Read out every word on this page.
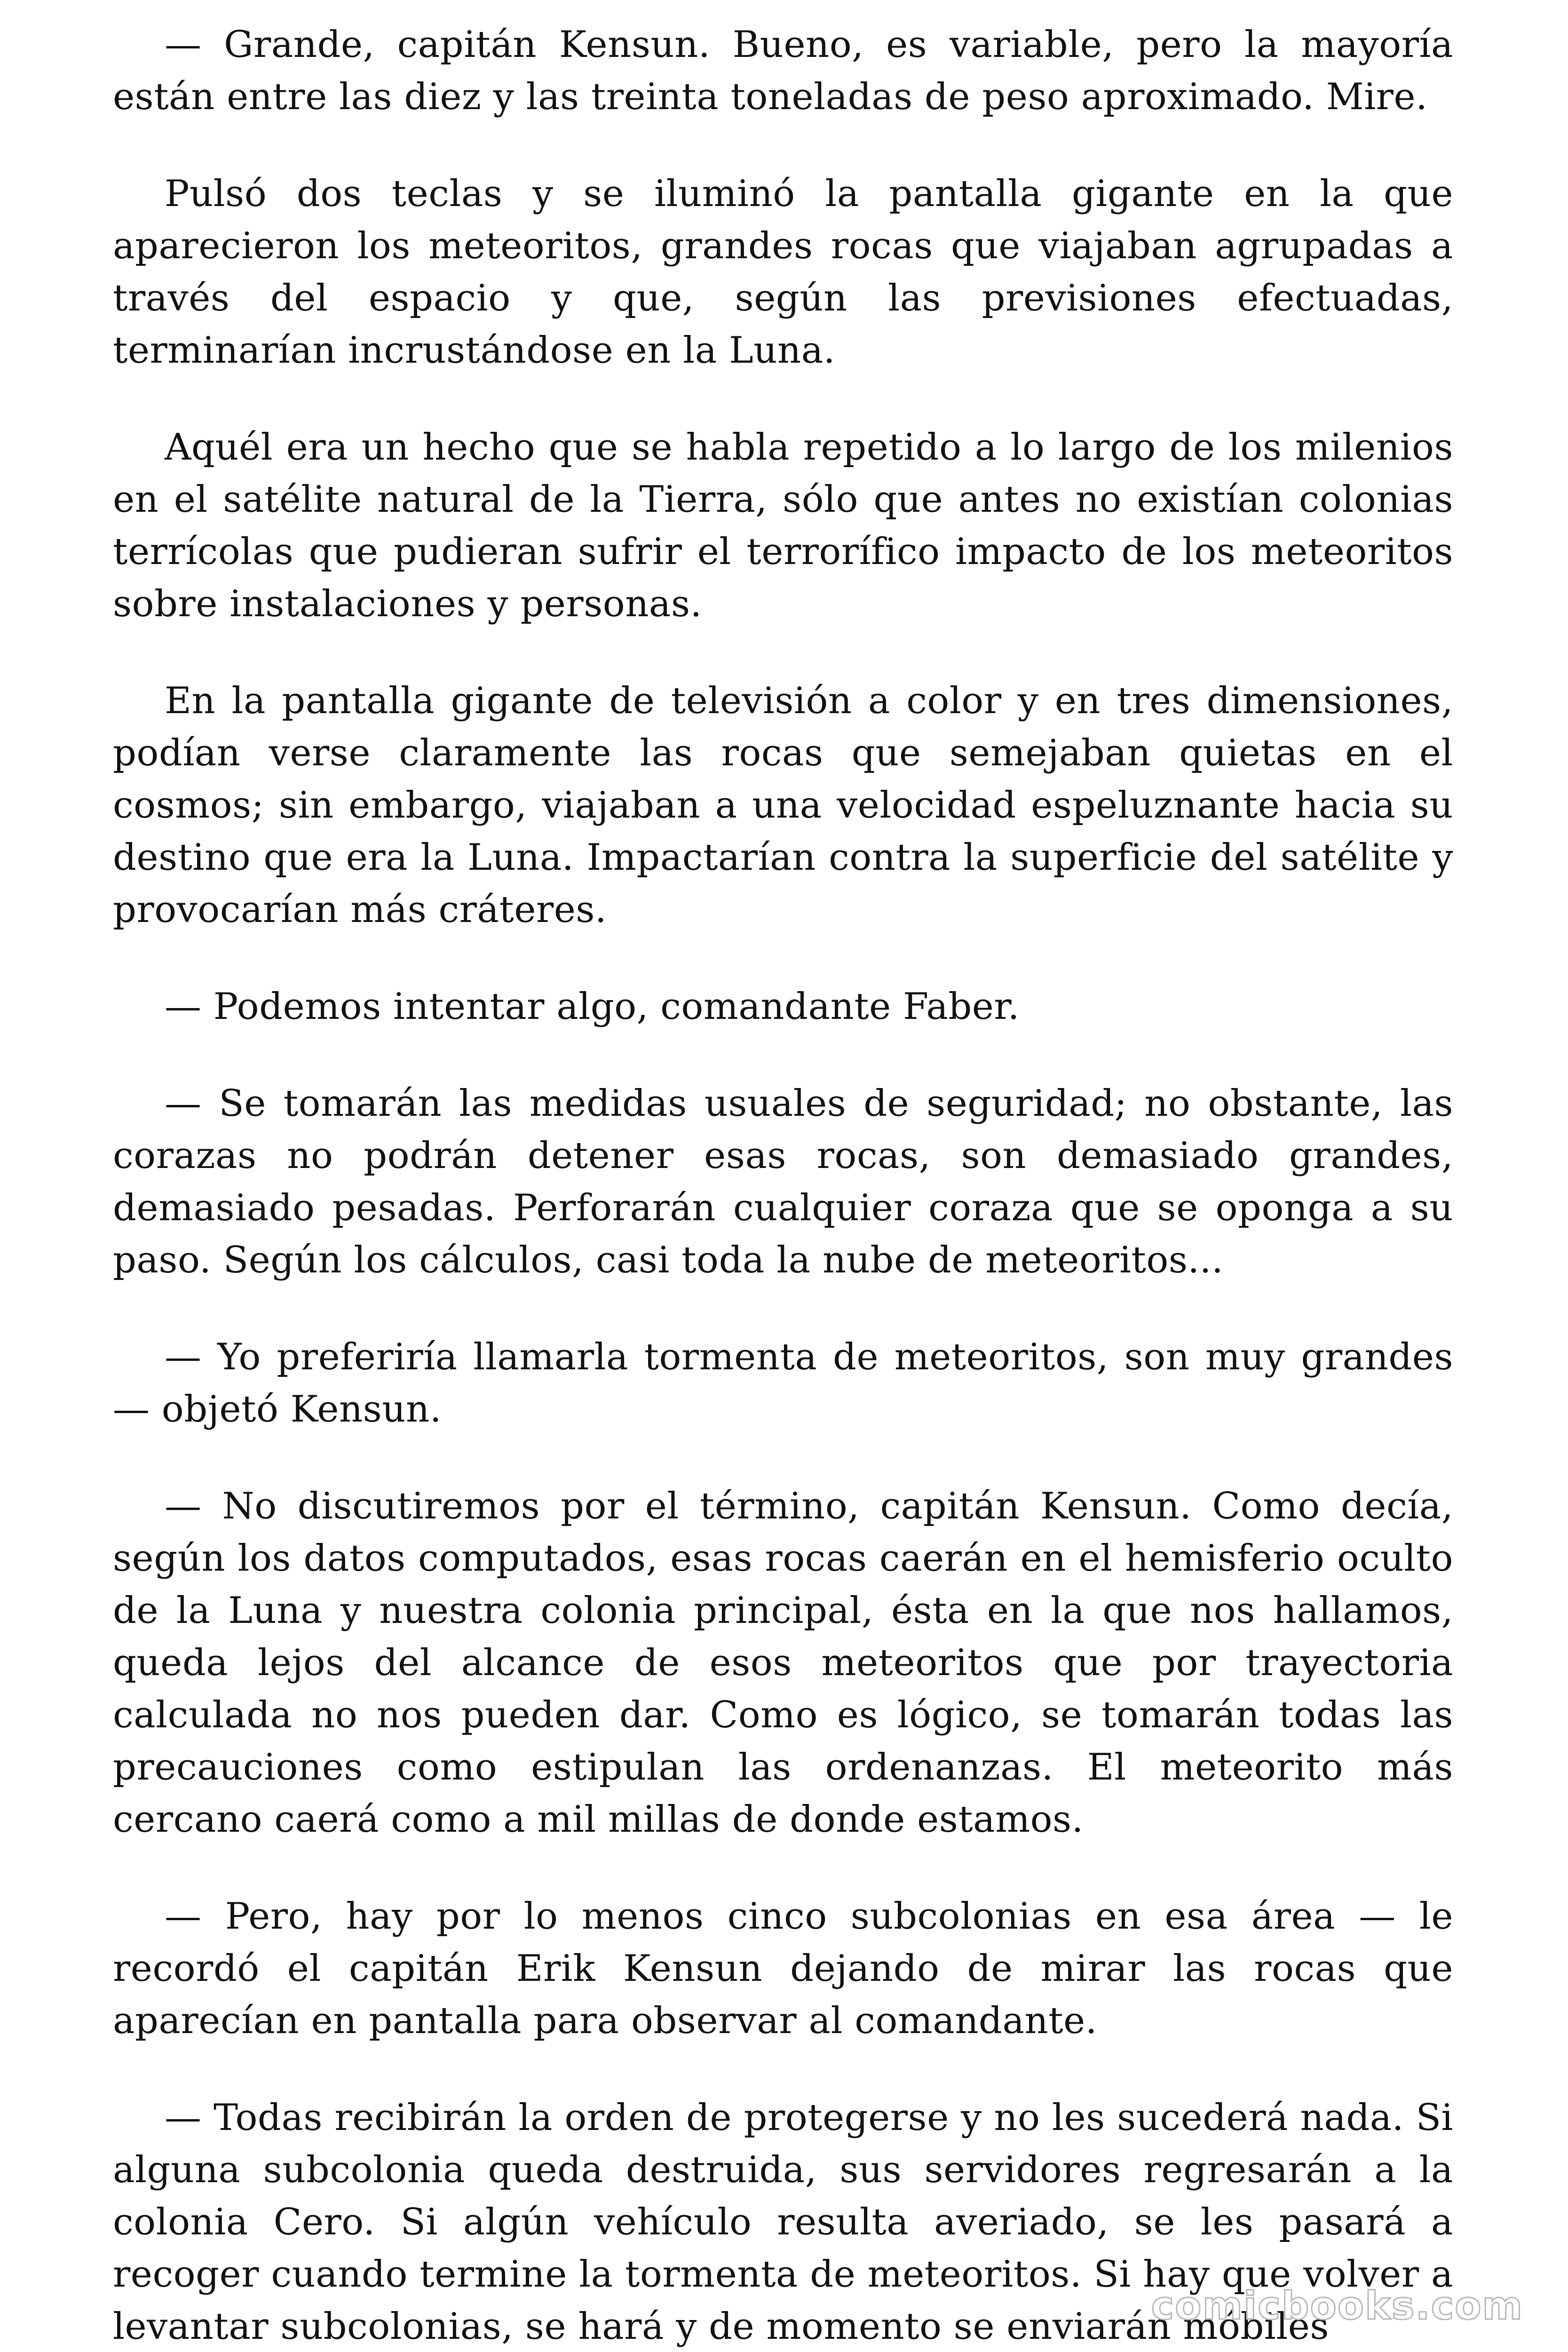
— Grande, capitán Kensun. Bueno, es variable, pero la mayoría están entre las diez y las treinta toneladas de peso aproximado. Mire.

Pulsó dos teclas y se iluminó la pantalla gigante en la que aparecieron los meteoritos, grandes rocas que viajaban agrupadas a través del espacio y que, según las previsiones efectuadas, terminarían incrustándose en la Luna.

Aquél era un hecho que se habla repetido a lo largo de los milenios en el satélite natural de la Tierra, sólo que antes no existían colonias terrícolas que pudieran sufrir el terrorífico impacto de los meteoritos sobre instalaciones y personas.

En la pantalla gigante de televisión a color y en tres dimensiones, podían verse claramente las rocas que semejaban quietas en el cosmos; sin embargo, viajaban a una velocidad espeluznante hacia su destino que era la Luna. Impactarían contra la superficie del satélite y provocarían más cráteres.

— Podemos intentar algo, comandante Faber.

— Se tomarán las medidas usuales de seguridad; no obstante, las corazas no podrán detener esas rocas, son demasiado grandes, demasiado pesadas. Perforarán cualquier coraza que se oponga a su paso. Según los cálculos, casi toda la nube de meteoritos...

— Yo preferiría llamarla tormenta de meteoritos, son muy grandes — objetó Kensun.

— No discutiremos por el término, capitán Kensun. Como decía, según los datos computados, esas rocas caerán en el hemisferio oculto de la Luna y nuestra colonia principal, ésta en la que nos hallamos, queda lejos del alcance de esos meteoritos que por trayectoria calculada no nos pueden dar. Como es lógico, se tomarán todas las precauciones como estipulan las ordenanzas. El meteorito más cercano caerá como a mil millas de donde estamos.

— Pero, hay por lo menos cinco subcolonias en esa área — le recordó el capitán Erik Kensun dejando de mirar las rocas que aparecían en pantalla para observar al comandante.

— Todas recibirán la orden de protegerse y no les sucederá nada. Si alguna subcolonia queda destruida, sus servidores regresarán a la colonia Cero. Si algún vehículo resulta averiado, se les pasará a recoger cuando termine la tormenta de meteoritos. Si hay que volver a levantar subcolonias, se hará y de momento se enviarán móbiles

comicbooks.com
